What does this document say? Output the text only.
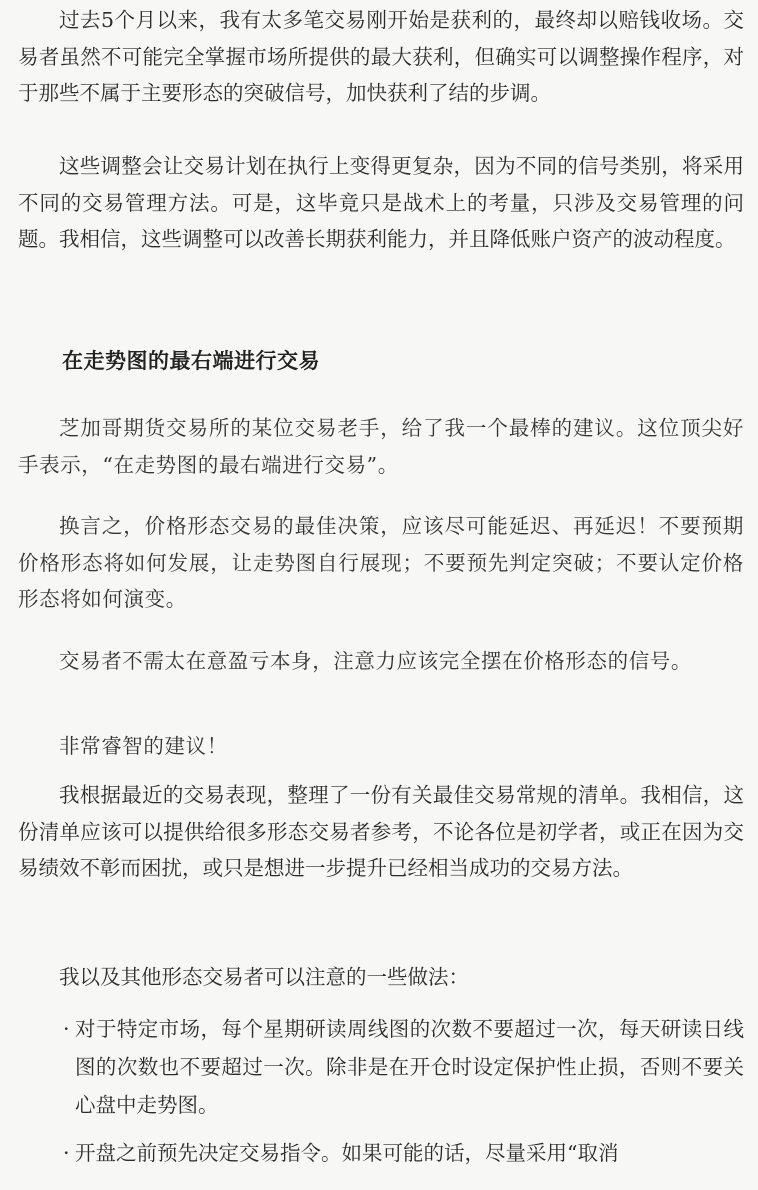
过去5个月以来，我有太多笔交易刚开始是获利的，最终却以赔钱收场。交易者虽然不可能完全掌握市场所提供的最大获利，但确实可以调整操作程序，对于那些不属于主要形态的突破信号，加快获利了结的步调。

这些调整会让交易计划在执行上变得更复杂，因为不同的信号类别，将采用不同的交易管理方法。可是，这毕竟只是战术上的考量，只涉及交易管理的问题。我相信，这些调整可以改善长期获利能力，并且降低账户资产的波动程度。

在走势图的最右端进行交易

芝加哥期货交易所的某位交易老手，给了我一个最棒的建议。这位顶尖好手表示，“在走势图的最右端进行交易”。

换言之，价格形态交易的最佳决策，应该尽可能延迟、再延迟！不要预期价格形态将如何发展，让走势图自行展现；不要预先判定突破；不要认定价格形态将如何演变。

交易者不需太在意盈亏本身，注意力应该完全摆在价格形态的信号。

非常睿智的建议！

我根据最近的交易表现，整理了一份有关最佳交易常规的清单。我相信，这份清单应该可以提供给很多形态交易者参考，不论各位是初学者，或正在因为交易绩效不彰而困扰，或只是想进一步提升已经相当成功的交易方法。

我以及其他形态交易者可以注意的一些做法：

· 对于特定市场，每个星期研读周线图的次数不要超过一次，每天研读日线图的次数也不要超过一次。除非是在开仓时设定保护性止损，否则不要关心盘中走势图。
· 开盘之前预先决定交易指令。如果可能的话，尽量采用“取消
